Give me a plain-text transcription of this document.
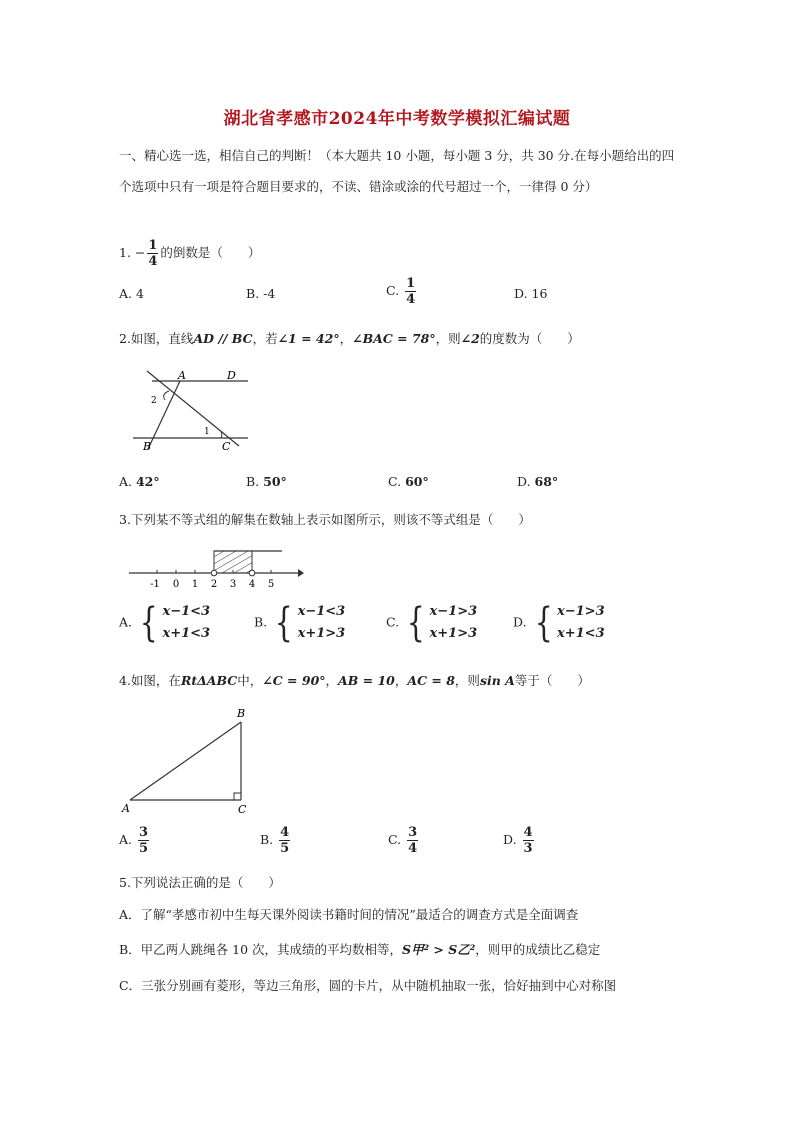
湖北省孝感市2024年中考数学模拟汇编试题
一、精心选一选，相信自己的判断！（本大题共 10 小题，每小题 3 分，共 30 分.在每小题给出的四个选项中只有一项是符合题目要求的，不读、错涂或涂的代号超过一个，一律得 0 分）
1. − $\frac{1}{4}$ 的倒数是（　　）
A. 4	B. -4	C. $\frac{1}{4}$	D. 16
2.如图，直线AD // BC，若∠1 = 42°，∠BAC = 78°，则∠2的度数为（　　）
A	D
B	C
1
2
A. 42°	B. 50°	C. 60°	D. 68°
3.下列某不等式组的解集在数轴上表示如图所示，则该不等式组是（　　）
-1 0 1 2 3 4 5
A. { x−1<3
x+1<3
B. { x−1<3
x+1>3
C. { x−1>3
x+1>3
D. { x−1>3
x+1<3
4.如图，在RtΔABC中，∠C = 90°，AB = 10，AC = 8，则sin A等于（　　）
A
B
C
A. $\frac{3}{5}$	B. $\frac{4}{5}$	C. $\frac{3}{4}$	D. $\frac{4}{3}$
5.下列说法正确的是（　　）
A．了解“孝感市初中生每天课外阅读书籍时间的情况”最适合的调查方式是全面调查
B．甲乙两人跳绳各 10 次，其成绩的平均数相等，S甲² > S乙²，则甲的成绩比乙稳定
C．三张分别画有菱形，等边三角形，圆的卡片，从中随机抽取一张，恰好抽到中心对称图
